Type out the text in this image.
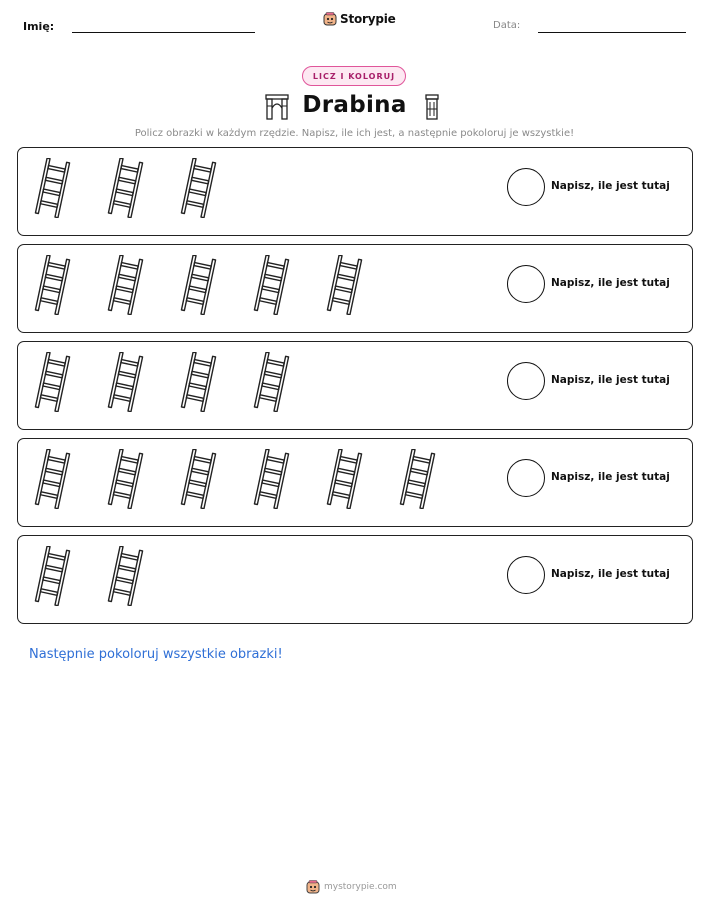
Imię:
Storypie	Data:
LICZ I KOLORUJ
Drabina
Policz obrazki w każdym rzędzie. Napisz, ile ich jest, a następnie pokoloruj je wszystkie!
Napisz, ile jest tutaj
Napisz, ile jest tutaj
Napisz, ile jest tutaj
Napisz, ile jest tutaj
Napisz, ile jest tutaj
Następnie pokoloruj wszystkie obrazki!
mystorypie.com
